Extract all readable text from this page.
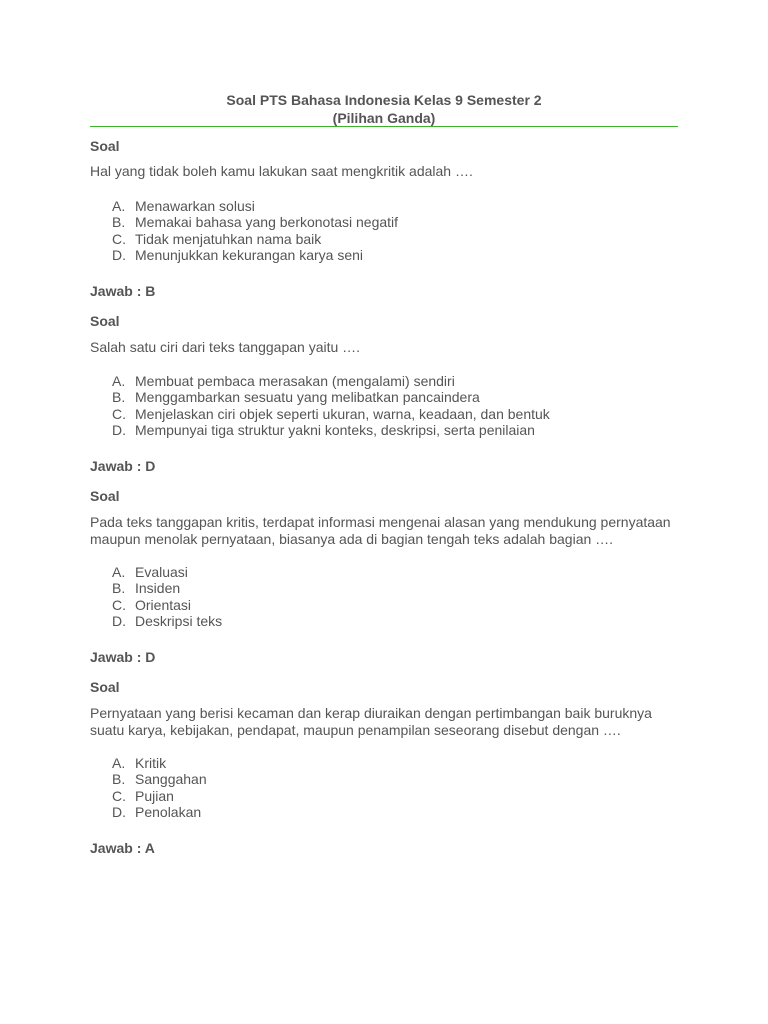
Soal PTS Bahasa Indonesia Kelas 9 Semester 2
(Pilihan Ganda)
Soal
Hal yang tidak boleh kamu lakukan saat mengkritik adalah ….
A. Menawarkan solusi
B. Memakai bahasa yang berkonotasi negatif
C. Tidak menjatuhkan nama baik
D. Menunjukkan kekurangan karya seni
Jawab : B
Soal
Salah satu ciri dari teks tanggapan yaitu ….
A. Membuat pembaca merasakan (mengalami) sendiri
B. Menggambarkan sesuatu yang melibatkan pancaindera
C. Menjelaskan ciri objek seperti ukuran, warna, keadaan, dan bentuk
D. Mempunyai tiga struktur yakni konteks, deskripsi, serta penilaian
Jawab : D
Soal
Pada teks tanggapan kritis, terdapat informasi mengenai alasan yang mendukung pernyataan maupun menolak pernyataan, biasanya ada di bagian tengah teks adalah bagian ….
A. Evaluasi
B. Insiden
C. Orientasi
D. Deskripsi teks
Jawab : D
Soal
Pernyataan yang berisi kecaman dan kerap diuraikan dengan pertimbangan baik buruknya suatu karya, kebijakan, pendapat, maupun penampilan seseorang disebut dengan ….
A. Kritik
B. Sanggahan
C. Pujian
D. Penolakan
Jawab : A
